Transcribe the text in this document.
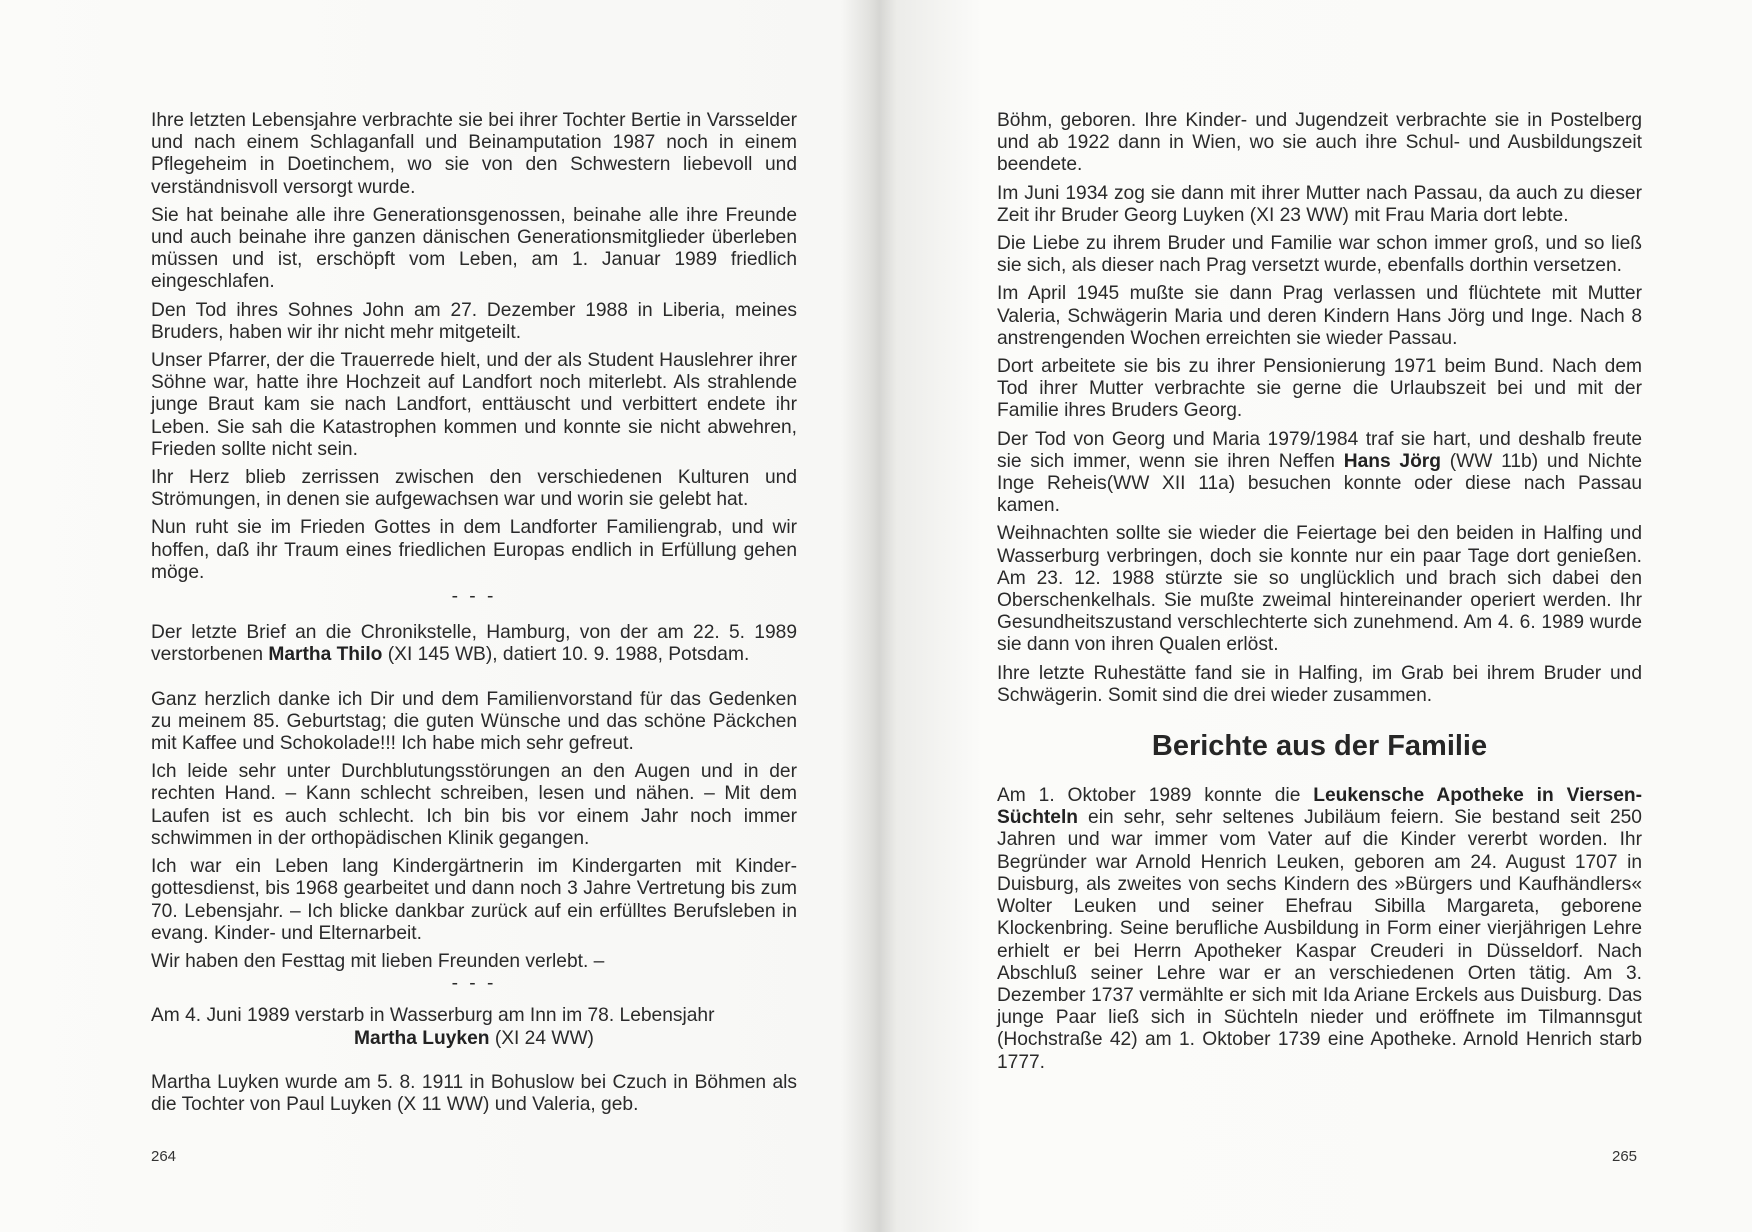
Ihre letzten Lebensjahre verbrachte sie bei ihrer Tochter Bertie in Varsselder und nach einem Schlaganfall und Beinamputation 1987 noch in einem Pflegeheim in Doetinchem, wo sie von den Schwestern liebevoll und verständnisvoll versorgt wurde.

Sie hat beinahe alle ihre Generationsgenossen, beinahe alle ihre Freunde und auch beinahe ihre ganzen dänischen Generationsmitglieder überleben müssen und ist, erschöpft vom Leben, am 1. Januar 1989 friedlich eingeschlafen.

Den Tod ihres Sohnes John am 27. Dezember 1988 in Liberia, meines Bruders, haben wir ihr nicht mehr mitgeteilt.

Unser Pfarrer, der die Trauerrede hielt, und der als Student Hauslehrer ihrer Söhne war, hatte ihre Hochzeit auf Landfort noch miterlebt. Als strahlende junge Braut kam sie nach Landfort, enttäuscht und verbittert endete ihr Leben. Sie sah die Katastrophen kommen und konnte sie nicht abwehren, Frieden sollte nicht sein.

Ihr Herz blieb zerrissen zwischen den verschiedenen Kulturen und Strömungen, in denen sie aufgewachsen war und worin sie gelebt hat.

Nun ruht sie im Frieden Gottes in dem Landforter Familiengrab, und wir hoffen, daß ihr Traum eines friedlichen Europas endlich in Erfüllung gehen möge.

- - -

Der letzte Brief an die Chronikstelle, Hamburg, von der am 22. 5. 1989 verstorbenen Martha Thilo (XI 145 WB), datiert 10. 9. 1988, Potsdam.

Ganz herzlich danke ich Dir und dem Familienvorstand für das Gedenken zu meinem 85. Geburtstag; die guten Wünsche und das schöne Päckchen mit Kaffee und Schokolade!!! Ich habe mich sehr gefreut.

Ich leide sehr unter Durchblutungsstörungen an den Augen und in der rechten Hand. – Kann schlecht schreiben, lesen und nähen. – Mit dem Laufen ist es auch schlecht. Ich bin bis vor einem Jahr noch immer schwimmen in der orthopädischen Klinik gegangen.

Ich war ein Leben lang Kindergärtnerin im Kindergarten mit Kindergottesdienst, bis 1968 gearbeitet und dann noch 3 Jahre Vertretung bis zum 70. Lebensjahr. – Ich blicke dankbar zurück auf ein erfülltes Berufsleben in evang. Kinder- und Elternarbeit.

Wir haben den Festtag mit lieben Freunden verlebt. –

- - -

Am 4. Juni 1989 verstarb in Wasserburg am Inn im 78. Lebensjahr

Martha Luyken (XI 24 WW)

Martha Luyken wurde am 5. 8. 1911 in Bohuslow bei Czuch in Böhmen als die Tochter von Paul Luyken (X 11 WW) und Valeria, geb.

264

Böhm, geboren. Ihre Kinder- und Jugendzeit verbrachte sie in Postelberg und ab 1922 dann in Wien, wo sie auch ihre Schul- und Ausbildungszeit beendete.

Im Juni 1934 zog sie dann mit ihrer Mutter nach Passau, da auch zu dieser Zeit ihr Bruder Georg Luyken (XI 23 WW) mit Frau Maria dort lebte.

Die Liebe zu ihrem Bruder und Familie war schon immer groß, und so ließ sie sich, als dieser nach Prag versetzt wurde, ebenfalls dorthin versetzen.

Im April 1945 mußte sie dann Prag verlassen und flüchtete mit Mutter Valeria, Schwägerin Maria und deren Kindern Hans Jörg und Inge. Nach 8 anstrengenden Wochen erreichten sie wieder Passau.

Dort arbeitete sie bis zu ihrer Pensionierung 1971 beim Bund. Nach dem Tod ihrer Mutter verbrachte sie gerne die Urlaubszeit bei und mit der Familie ihres Bruders Georg.

Der Tod von Georg und Maria 1979/1984 traf sie hart, und deshalb freute sie sich immer, wenn sie ihren Neffen Hans Jörg (WW 11b) und Nichte Inge Reheis(WW XII 11a) besuchen konnte oder diese nach Passau kamen.

Weihnachten sollte sie wieder die Feiertage bei den beiden in Halfing und Wasserburg verbringen, doch sie konnte nur ein paar Tage dort genießen. Am 23. 12. 1988 stürzte sie so unglücklich und brach sich dabei den Oberschenkelhals. Sie mußte zweimal hintereinander operiert werden. Ihr Gesundheitszustand verschlechterte sich zunehmend. Am 4. 6. 1989 wurde sie dann von ihren Qualen erlöst.

Ihre letzte Ruhestätte fand sie in Halfing, im Grab bei ihrem Bruder und Schwägerin. Somit sind die drei wieder zusammen.

Berichte aus der Familie

Am 1. Oktober 1989 konnte die Leukensche Apotheke in Viersen-Süchteln ein sehr, sehr seltenes Jubiläum feiern. Sie bestand seit 250 Jahren und war immer vom Vater auf die Kinder vererbt worden. Ihr Begründer war Arnold Henrich Leuken, geboren am 24. August 1707 in Duisburg, als zweites von sechs Kindern des »Bürgers und Kaufhändlers« Wolter Leuken und seiner Ehefrau Sibilla Margareta, geborene Klockenbring. Seine berufliche Ausbildung in Form einer vierjährigen Lehre erhielt er bei Herrn Apotheker Kaspar Creuderi in Düsseldorf. Nach Abschluß seiner Lehre war er an verschiedenen Orten tätig. Am 3. Dezember 1737 vermählte er sich mit Ida Ariane Erckels aus Duisburg. Das junge Paar ließ sich in Süchteln nieder und eröffnete im Tilmannsgut (Hochstraße 42) am 1. Oktober 1739 eine Apotheke. Arnold Henrich starb 1777.

265
